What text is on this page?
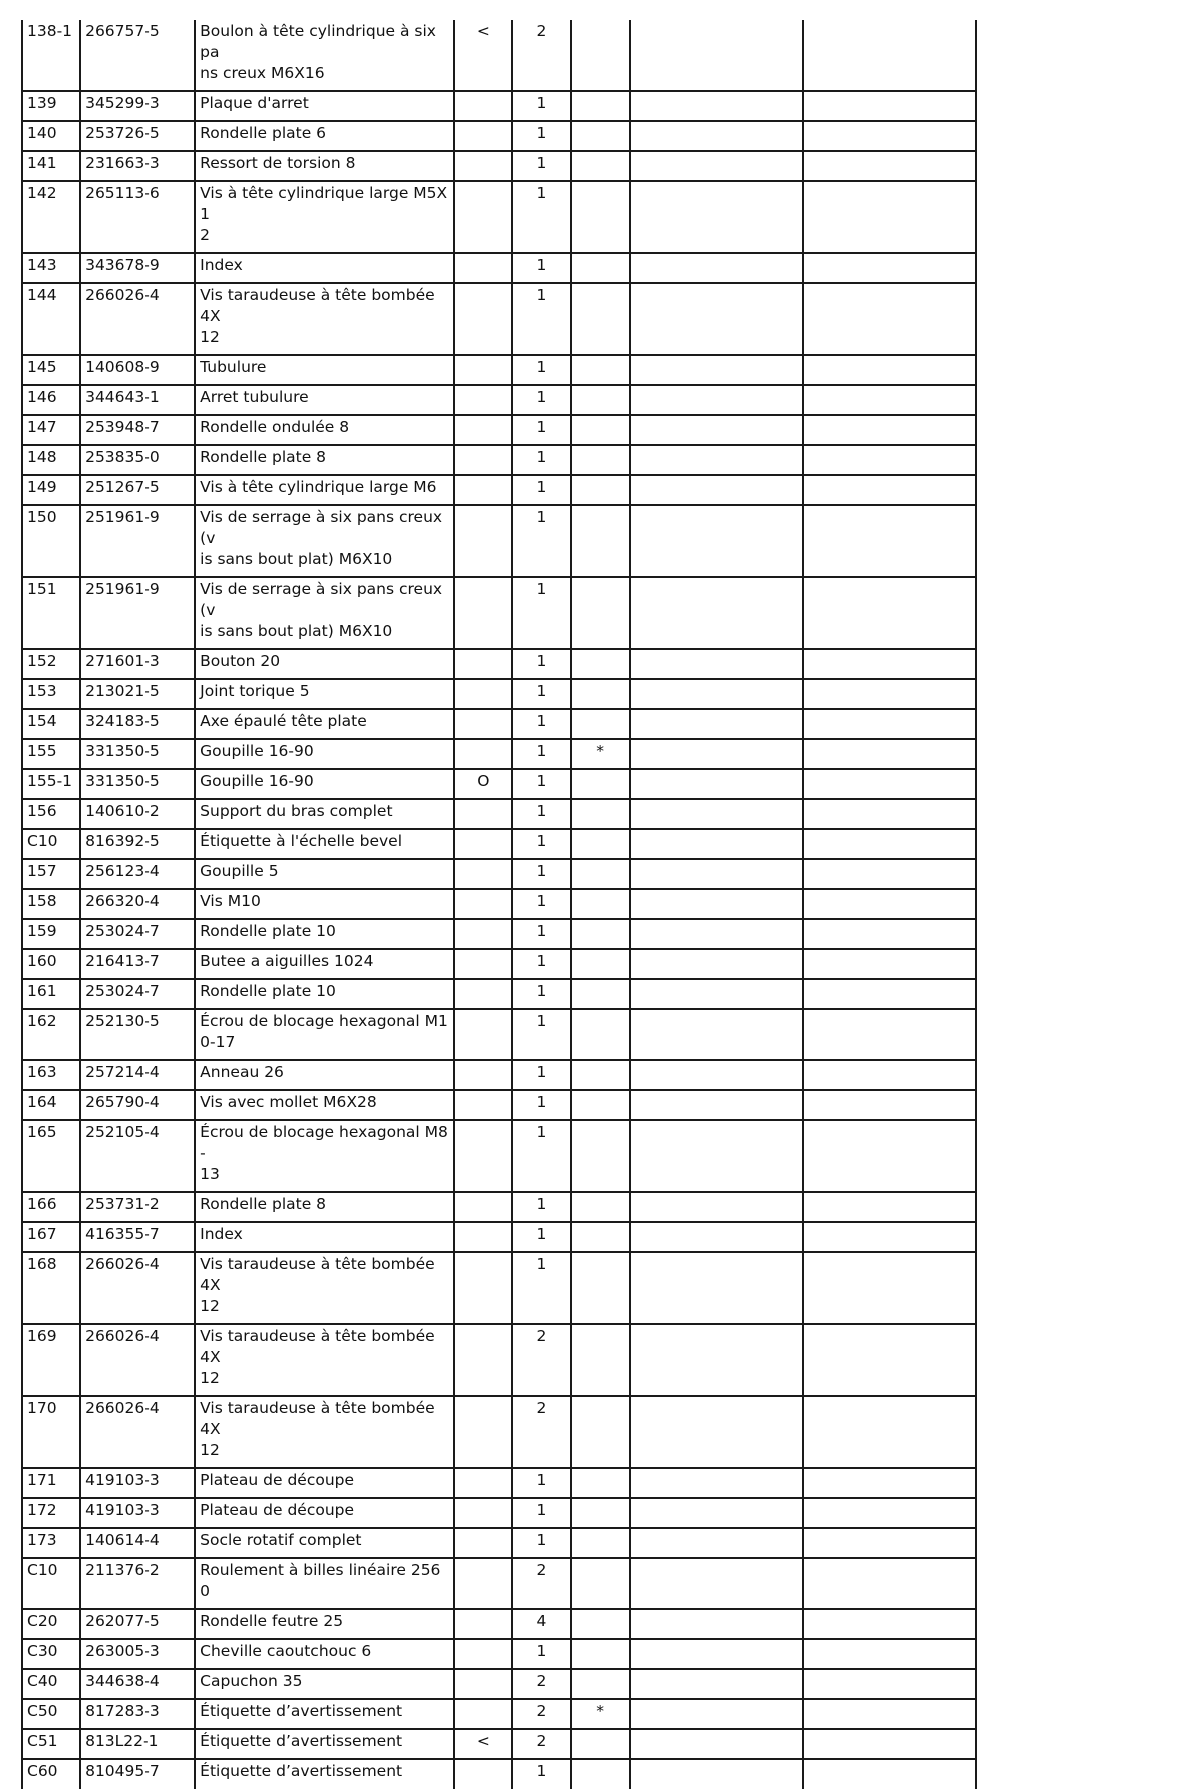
138-1	266757-5	Boulon à tête cylindrique à six pa
ns creux M6X16	<	2			
139	345299-3	Plaque d'arret		1			
140	253726-5	Rondelle plate 6		1			
141	231663-3	Ressort de torsion 8		1			
142	265113-6	Vis à tête cylindrique large M5X1
2		1			
143	343678-9	Index		1			
144	266026-4	Vis taraudeuse à tête bombée 4X
12		1			
145	140608-9	Tubulure		1			
146	344643-1	Arret tubulure		1			
147	253948-7	Rondelle ondulée 8		1			
148	253835-0	Rondelle plate 8		1			
149	251267-5	Vis à tête cylindrique large M6		1			
150	251961-9	Vis de serrage à six pans creux (v
is sans bout plat) M6X10		1			
151	251961-9	Vis de serrage à six pans creux (v
is sans bout plat) M6X10		1			
152	271601-3	Bouton 20		1			
153	213021-5	Joint torique 5		1			
154	324183-5	Axe épaulé tête plate		1			
155	331350-5	Goupille 16-90		1	*		
155-1	331350-5	Goupille 16-90	O	1			
156	140610-2	Support du bras complet		1			
C10	816392-5	Étiquette à l'échelle bevel		1			
157	256123-4	Goupille 5		1			
158	266320-4	Vis M10		1			
159	253024-7	Rondelle plate 10		1			
160	216413-7	Butee a aiguilles 1024		1			
161	253024-7	Rondelle plate 10		1			
162	252130-5	Écrou de blocage hexagonal M1
0-17		1			
163	257214-4	Anneau 26		1			
164	265790-4	Vis avec mollet M6X28		1			
165	252105-4	Écrou de blocage hexagonal M8-
13		1			
166	253731-2	Rondelle plate 8		1			
167	416355-7	Index		1			
168	266026-4	Vis taraudeuse à tête bombée 4X
12		1			
169	266026-4	Vis taraudeuse à tête bombée 4X
12		2			
170	266026-4	Vis taraudeuse à tête bombée 4X
12		2			
171	419103-3	Plateau de découpe		1			
172	419103-3	Plateau de découpe		1			
173	140614-4	Socle rotatif complet		1			
C10	211376-2	Roulement à billes linéaire 2560		2			
C20	262077-5	Rondelle feutre 25		4			
C30	263005-3	Cheville caoutchouc 6		1			
C40	344638-4	Capuchon 35		2			
C50	817283-3	Étiquette d’avertissement		2	*		
C51	813L22-1	Étiquette d’avertissement	<	2			
C60	810495-7	Étiquette d’avertissement		1			
